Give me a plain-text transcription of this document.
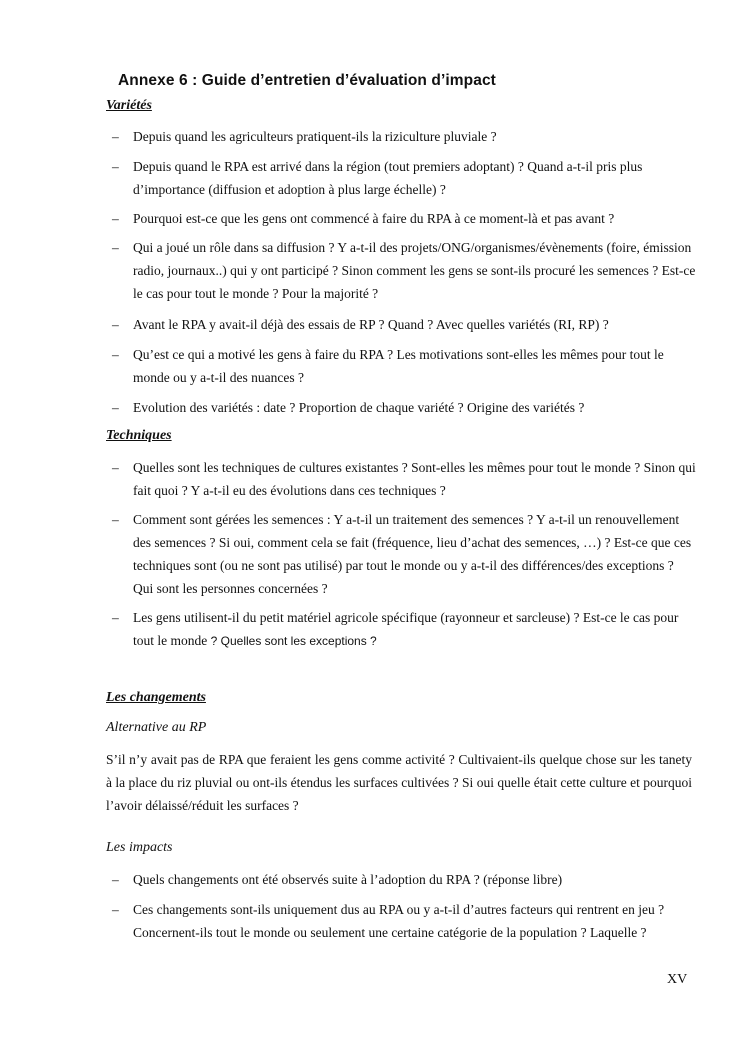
Annexe 6 : Guide d’entretien d’évaluation d’impact
Variétés
– Depuis quand les agriculteurs pratiquent-ils la riziculture pluviale ?
– Depuis quand le RPA est arrivé dans la région (tout premiers adoptant) ? Quand a-t-il pris plus d’importance (diffusion et adoption à plus large échelle) ?
– Pourquoi est-ce que les gens ont commencé à faire du RPA à ce moment-là et pas avant ?
– Qui a joué un rôle dans sa diffusion ? Y a-t-il des projets/ONG/organismes/évènements (foire, émission radio, journaux..) qui y ont participé ? Sinon comment les gens se sont-ils procuré les semences ? Est-ce le cas pour tout le monde ? Pour la majorité ?
– Avant le RPA y avait-il déjà des essais de RP ? Quand ? Avec quelles variétés (RI, RP) ?
– Qu’est ce qui a motivé les gens à faire du RPA ? Les motivations sont-elles les mêmes pour tout le monde ou y a-t-il des nuances ?
– Evolution des variétés : date ? Proportion de chaque variété ? Origine des variétés ?
Techniques
– Quelles sont les techniques de cultures existantes ? Sont-elles les mêmes pour tout le monde ? Sinon qui fait quoi ? Y a-t-il eu des évolutions dans ces techniques ?
– Comment sont gérées les semences : Y a-t-il un traitement des semences ? Y a-t-il un renouvellement des semences ? Si oui, comment cela se fait (fréquence, lieu d’achat des semences, …) ? Est-ce que ces techniques sont (ou ne sont pas utilisé) par tout le monde ou y a-t-il des différences/des exceptions ? Qui sont les personnes concernées ?
– Les gens utilisent-il du petit matériel agricole spécifique (rayonneur et sarcleuse) ? Est-ce le cas pour tout le monde ? Quelles sont les exceptions ?
Les changements
Alternative au RP
S’il n’y avait pas de RPA que feraient les gens comme activité ? Cultivaient-ils quelque chose sur les tanety à la place du riz pluvial ou ont-ils étendus les surfaces cultivées ? Si oui quelle était cette culture et pourquoi l’avoir délaissé/réduit les surfaces ?
Les impacts
– Quels changements ont été observés suite à l’adoption du RPA ? (réponse libre)
– Ces changements sont-ils uniquement dus au RPA ou y a-t-il d’autres facteurs qui rentrent en jeu ? Concernent-ils tout le monde ou seulement une certaine catégorie de la population ? Laquelle ?
XV
